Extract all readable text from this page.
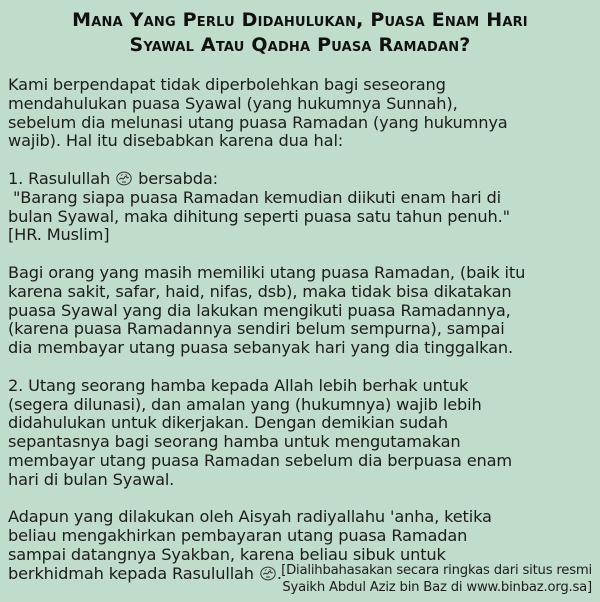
Mana Yang Perlu Didahulukan, Puasa Enam Hari
Syawal Atau Qadha Puasa Ramadan?

Kami berpendapat tidak diperbolehkan bagi seseorang
mendahulukan puasa Syawal (yang hukumnya Sunnah),
sebelum dia melunasi utang puasa Ramadan (yang hukumnya
wajib). Hal itu disebabkan karena dua hal:

1. Rasulullah bersabda:
"Barang siapa puasa Ramadan kemudian diikuti enam hari di
bulan Syawal, maka dihitung seperti puasa satu tahun penuh."
[HR. Muslim]

Bagi orang yang masih memiliki utang puasa Ramadan, (baik itu
karena sakit, safar, haid, nifas, dsb), maka tidak bisa dikatakan
puasa Syawal yang dia lakukan mengikuti puasa Ramadannya,
(karena puasa Ramadannya sendiri belum sempurna), sampai
dia membayar utang puasa sebanyak hari yang dia tinggalkan.

2. Utang seorang hamba kepada Allah lebih berhak untuk
(segera dilunasi), dan amalan yang (hukumnya) wajib lebih
didahulukan untuk dikerjakan. Dengan demikian sudah
sepantasnya bagi seorang hamba untuk mengutamakan
membayar utang puasa Ramadan sebelum dia berpuasa enam
hari di bulan Syawal.

Adapun yang dilakukan oleh Aisyah radiyallahu 'anha, ketika
beliau mengakhirkan pembayaran utang puasa Ramadan
sampai datangnya Syakban, karena beliau sibuk untuk
berkhidmah kepada Rasulullah . [Dialihbahasakan secara ringkas dari situs resmi
Syaikh Abdul Aziz bin Baz di www.binbaz.org.sa]
